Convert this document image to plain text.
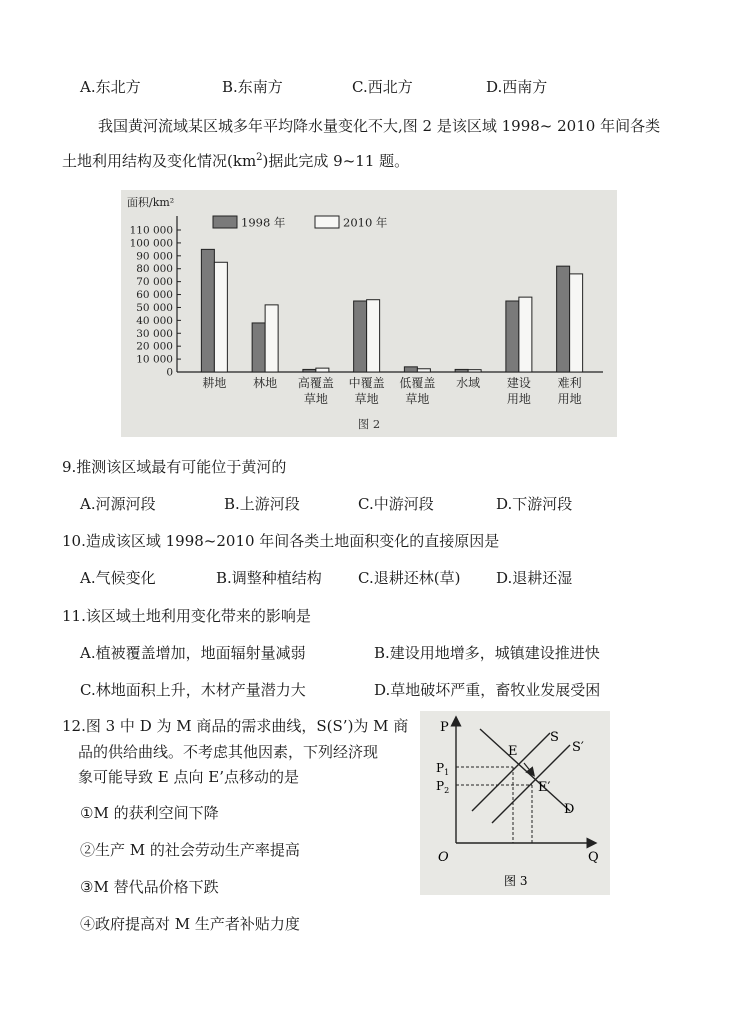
A.东北方	B.东南方	C.西北方	D.西南方
我国黄河流域某区城多年平均降水量变化不大,图 2 是该区域 1998~ 2010 年间各类
土地利用结构及变化情况$(km^2)$据此完成 9~11 题。
面积/km²
0
10 000
20 000
30 000
40 000
50 000
60 000
70 000
80 000
90 000
100 000
110 000
1998 年	2010 年
耕地 林地 高覆盖
草地
中覆盖
草地
低覆盖
草地
水域 建设
用地
难利
用地
图 2
9.推测该区域最有可能位于黄河的
A.河源河段	B.上游河段	C.中游河段	D.下游河段
10.造成该区域 1998~2010 年间各类土地面积变化的直接原因是
A.气候变化	B.调整种植结构 C.退耕还林(草) D.退耕还湿
11.该区域土地利用变化带来的影响是
A.植被覆盖增加，地面辐射量减弱	B.建设用地增多，城镇建设推进快
C.林地面积上升，木材产量潜力大	D.草地破坏严重，畜牧业发展受困
12.图 3 中 D 为 M 商品的需求曲线，S(S’)为 M 商
品的供给曲线。不考虑其他因素，下列经济现
象可能导致 E 点向 E’点移动的是
①M 的获利空间下降
②生产 M 的社会劳动生产率提高
③M 替代品价格下跌
④政府提高对 M 生产者补贴力度
P
Q
O
$P_1$
$P_2$
E
E′
S
S′
D
图 3
